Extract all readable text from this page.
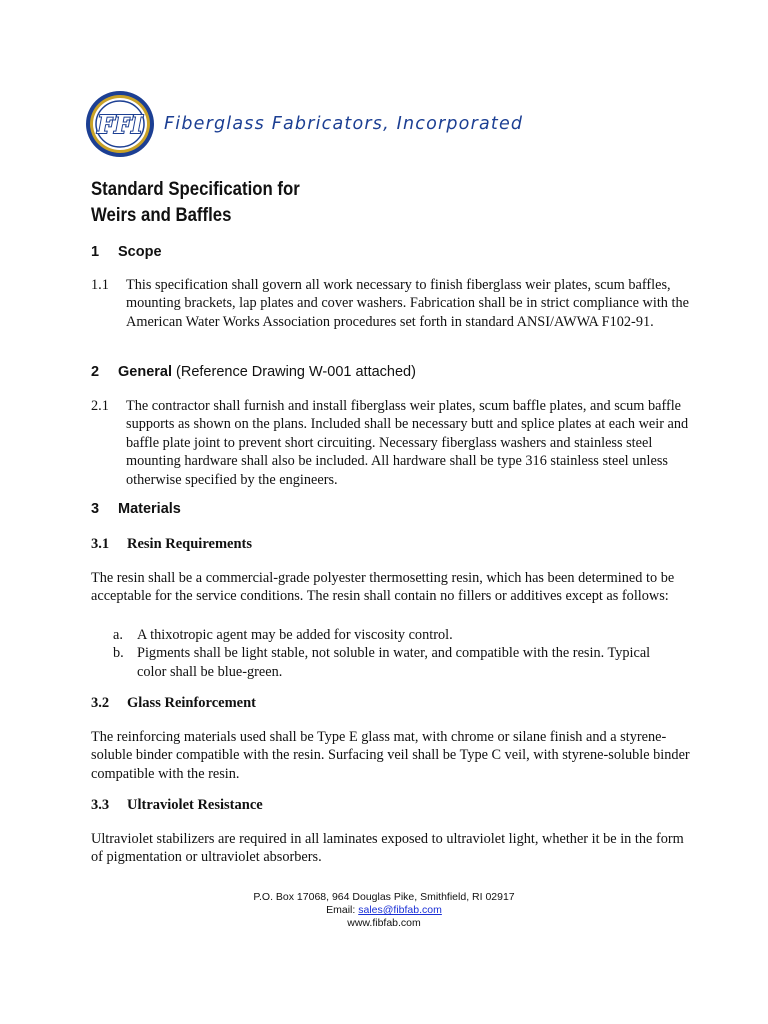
FFI Fiberglass Fabricators, Incorporated
Standard Specification for
Weirs and Baffles
1 Scope
1.1 This specification shall govern all work necessary to finish fiberglass weir plates, scum baffles, mounting brackets, lap plates and cover washers. Fabrication shall be in strict compliance with the American Water Works Association procedures set forth in standard ANSI/AWWA F102-91.
2 General (Reference Drawing W-001 attached)
2.1 The contractor shall furnish and install fiberglass weir plates, scum baffle plates, and scum baffle supports as shown on the plans. Included shall be necessary butt and splice plates at each weir and baffle plate joint to prevent short circuiting. Necessary fiberglass washers and stainless steel mounting hardware shall also be included. All hardware shall be type 316 stainless steel unless otherwise specified by the engineers.
3 Materials
3.1 Resin Requirements
The resin shall be a commercial-grade polyester thermosetting resin, which has been determined to be acceptable for the service conditions. The resin shall contain no fillers or additives except as follows:
a. A thixotropic agent may be added for viscosity control.
b. Pigments shall be light stable, not soluble in water, and compatible with the resin. Typical color shall be blue-green.
3.2 Glass Reinforcement
The reinforcing materials used shall be Type E glass mat, with chrome or silane finish and a styrene-soluble binder compatible with the resin. Surfacing veil shall be Type C veil, with styrene-soluble binder compatible with the resin.
3.3 Ultraviolet Resistance
Ultraviolet stabilizers are required in all laminates exposed to ultraviolet light, whether it be in the form of pigmentation or ultraviolet absorbers.
P.O. Box 17068, 964 Douglas Pike, Smithfield, RI 02917
Email: sales@fibfab.com
www.fibfab.com
